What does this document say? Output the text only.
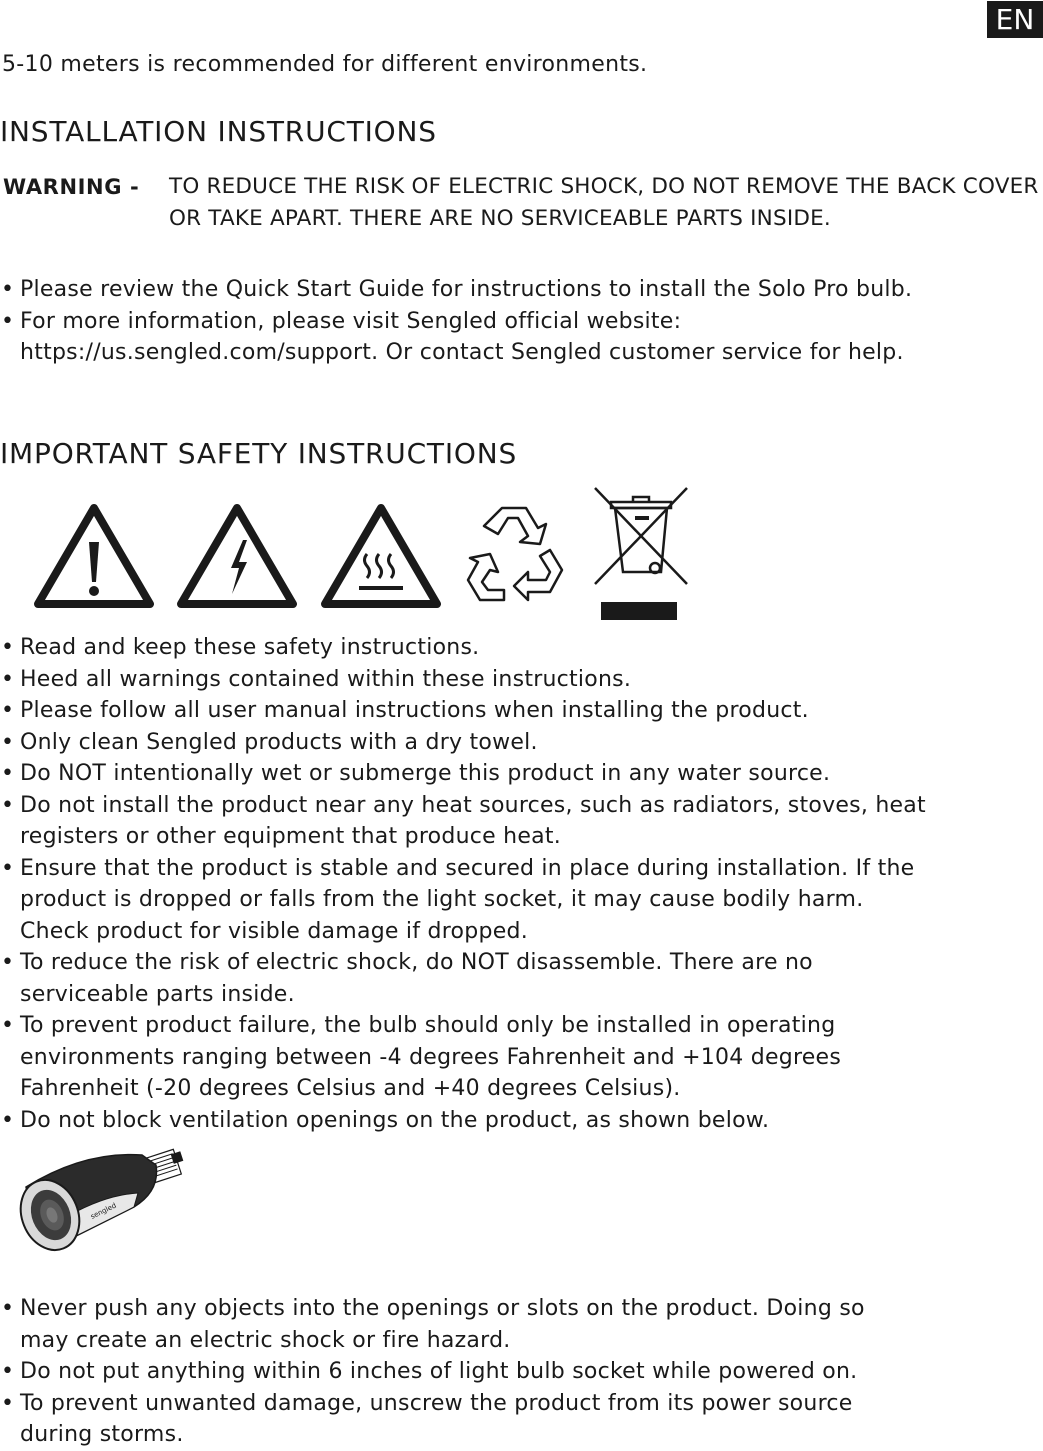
EN

5-10 meters is recommended for different environments.

INSTALLATION INSTRUCTIONS
WARNING - TO REDUCE THE RISK OF ELECTRIC SHOCK, DO NOT REMOVE THE BACK COVER OR TAKE APART. THERE ARE NO SERVICEABLE PARTS INSIDE.
• Please review the Quick Start Guide for instructions to install the Solo Pro bulb.
• For more information, please visit Sengled official website:
https://us.sengled.com/support. Or contact Sengled customer service for help.
IMPORTANT SAFETY INSTRUCTIONS
• Read and keep these safety instructions.
• Heed all warnings contained within these instructions.
• Please follow all user manual instructions when installing the product.
• Only clean Sengled products with a dry towel.
• Do NOT intentionally wet or submerge this product in any water source.
• Do not install the product near any heat sources, such as radiators, stoves, heat
registers or other equipment that produce heat.
• Ensure that the product is stable and secured in place during installation. If the
product is dropped or falls from the light socket, it may cause bodily harm.
Check product for visible damage if dropped.
• To reduce the risk of electric shock, do NOT disassemble. There are no
serviceable parts inside.
• To prevent product failure, the bulb should only be installed in operating
environments ranging between -4 degrees Fahrenheit and +104 degrees
Fahrenheit (-20 degrees Celsius and +40 degrees Celsius).
• Do not block ventilation openings on the product, as shown below.
sengled
• Never push any objects into the openings or slots on the product. Doing so
may create an electric shock or fire hazard.
• Do not put anything within 6 inches of light bulb socket while powered on.
• To prevent unwanted damage, unscrew the product from its power source
during storms.
